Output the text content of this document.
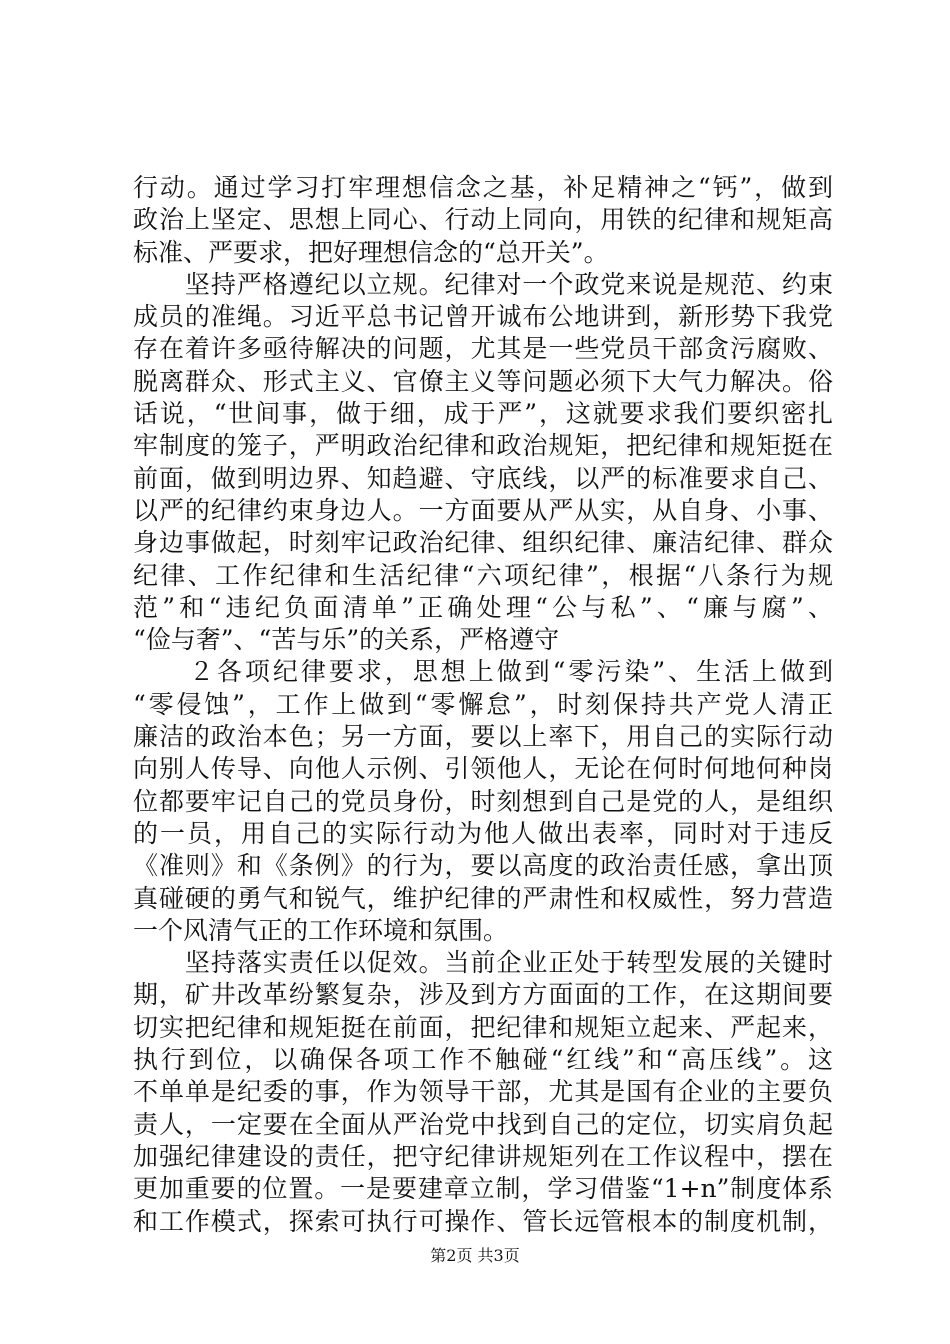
行动。通过学习打牢理想信念之基，补足精神之“钙”，做到
政治上坚定、思想上同心、行动上同向，用铁的纪律和规矩高
标准、严要求，把好理想信念的“总开关”。
　　坚持严格遵纪以立规。纪律对一个政党来说是规范、约束
成员的准绳。习近平总书记曾开诚布公地讲到，新形势下我党
存在着许多亟待解决的问题，尤其是一些党员干部贪污腐败、
脱离群众、形式主义、官僚主义等问题必须下大气力解决。俗
话说，“世间事，做于细，成于严”，这就要求我们要织密扎
牢制度的笼子，严明政治纪律和政治规矩，把纪律和规矩挺在
前面，做到明边界、知趋避、守底线，以严的标准要求自己、
以严的纪律约束身边人。一方面要从严从实，从自身、小事、
身边事做起，时刻牢记政治纪律、组织纪律、廉洁纪律、群众
纪律、工作纪律和生活纪律“六项纪律”，根据“八条行为规
范”和“违纪负面清单”正确处理“公与私”、“廉与腐”、
“俭与奢”、“苦与乐”的关系，严格遵守
　　２各项纪律要求，思想上做到“零污染”、生活上做到
“零侵蚀”，工作上做到“零懈怠”，时刻保持共产党人清正
廉洁的政治本色；另一方面，要以上率下，用自己的实际行动
向别人传导、向他人示例、引领他人，无论在何时何地何种岗
位都要牢记自己的党员身份，时刻想到自己是党的人，是组织
的一员，用自己的实际行动为他人做出表率，同时对于违反
《准则》和《条例》的行为，要以高度的政治责任感，拿出顶
真碰硬的勇气和锐气，维护纪律的严肃性和权威性，努力营造
一个风清气正的工作环境和氛围。
　　坚持落实责任以促效。当前企业正处于转型发展的关键时
期，矿井改革纷繁复杂，涉及到方方面面的工作，在这期间要
切实把纪律和规矩挺在前面，把纪律和规矩立起来、严起来，
执行到位，以确保各项工作不触碰“红线”和“高压线”。这
不单单是纪委的事，作为领导干部，尤其是国有企业的主要负
责人，一定要在全面从严治党中找到自己的定位，切实肩负起
加强纪律建设的责任，把守纪律讲规矩列在工作议程中，摆在
更加重要的位置。一是要建章立制，学习借鉴“1+n”制度体系
和工作模式，探索可执行可操作、管长远管根本的制度机制，
第2页 共3页
